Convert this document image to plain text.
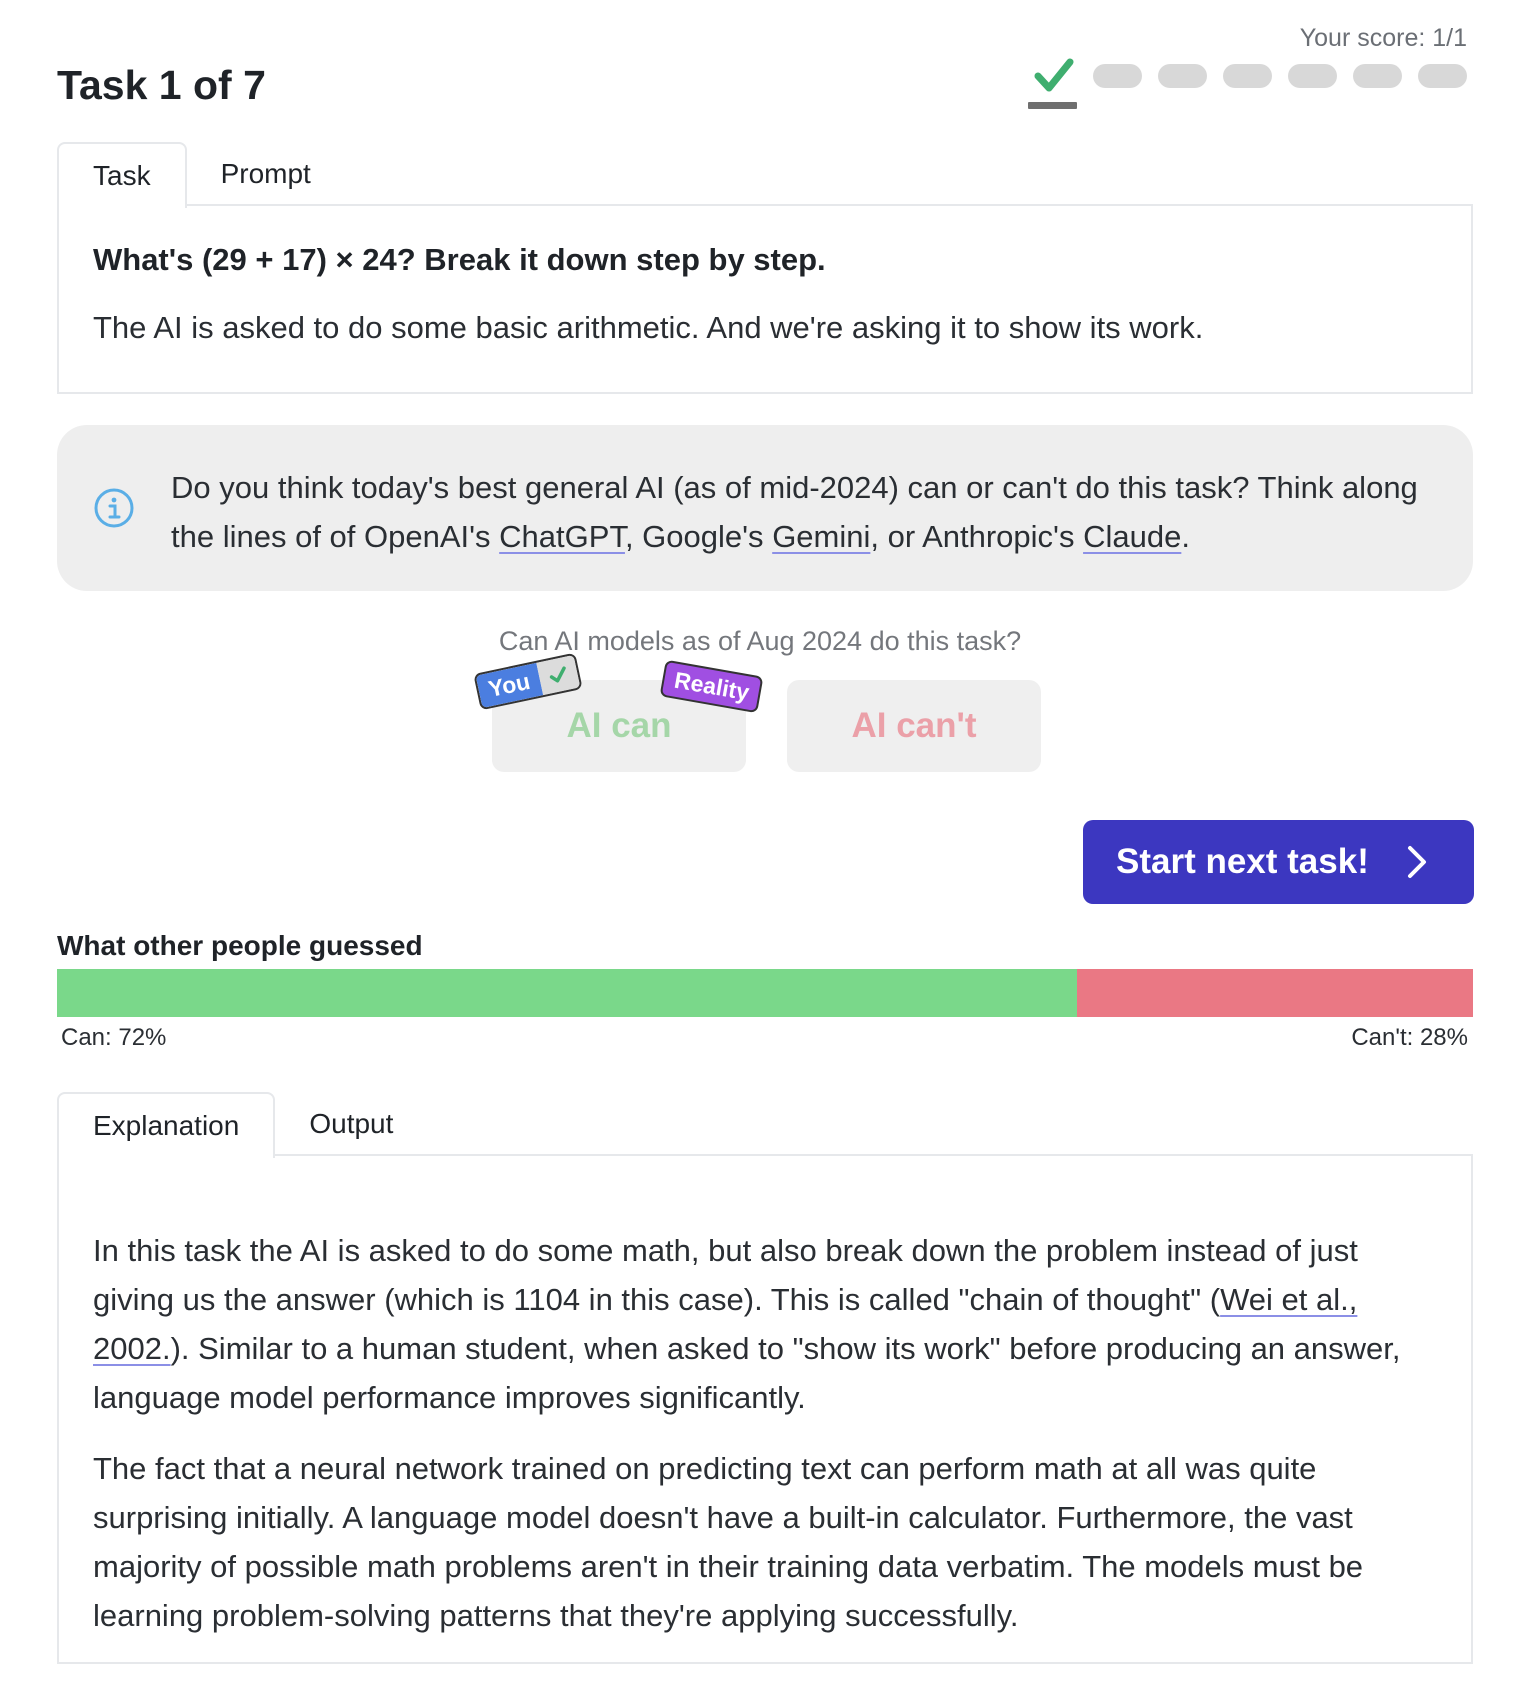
Task 1 of 7
Your score: 1/1
Task	Prompt
What's (29 + 17) × 24? Break it down step by step.
The AI is asked to do some basic arithmetic. And we're asking it to show its work.
Do you think today's best general AI (as of mid-2024) can or can't do this task? Think along the lines of of OpenAI's ChatGPT, Google's Gemini, or Anthropic's Claude.
Can AI models as of Aug 2024 do this task?
AI can	AI can't
You	Reality
Start next task!
What other people guessed
Can: 72%	Can't: 28%
Explanation	Output

In this task the AI is asked to do some math, but also break down the problem instead of just giving us the answer (which is 1104 in this case). This is called "chain of thought" (Wei et al., 2002.). Similar to a human student, when asked to "show its work" before producing an answer, language model performance improves significantly.

The fact that a neural network trained on predicting text can perform math at all was quite surprising initially. A language model doesn't have a built-in calculator. Furthermore, the vast majority of possible math problems aren't in their training data verbatim. The models must be learning problem-solving patterns that they're applying successfully.
